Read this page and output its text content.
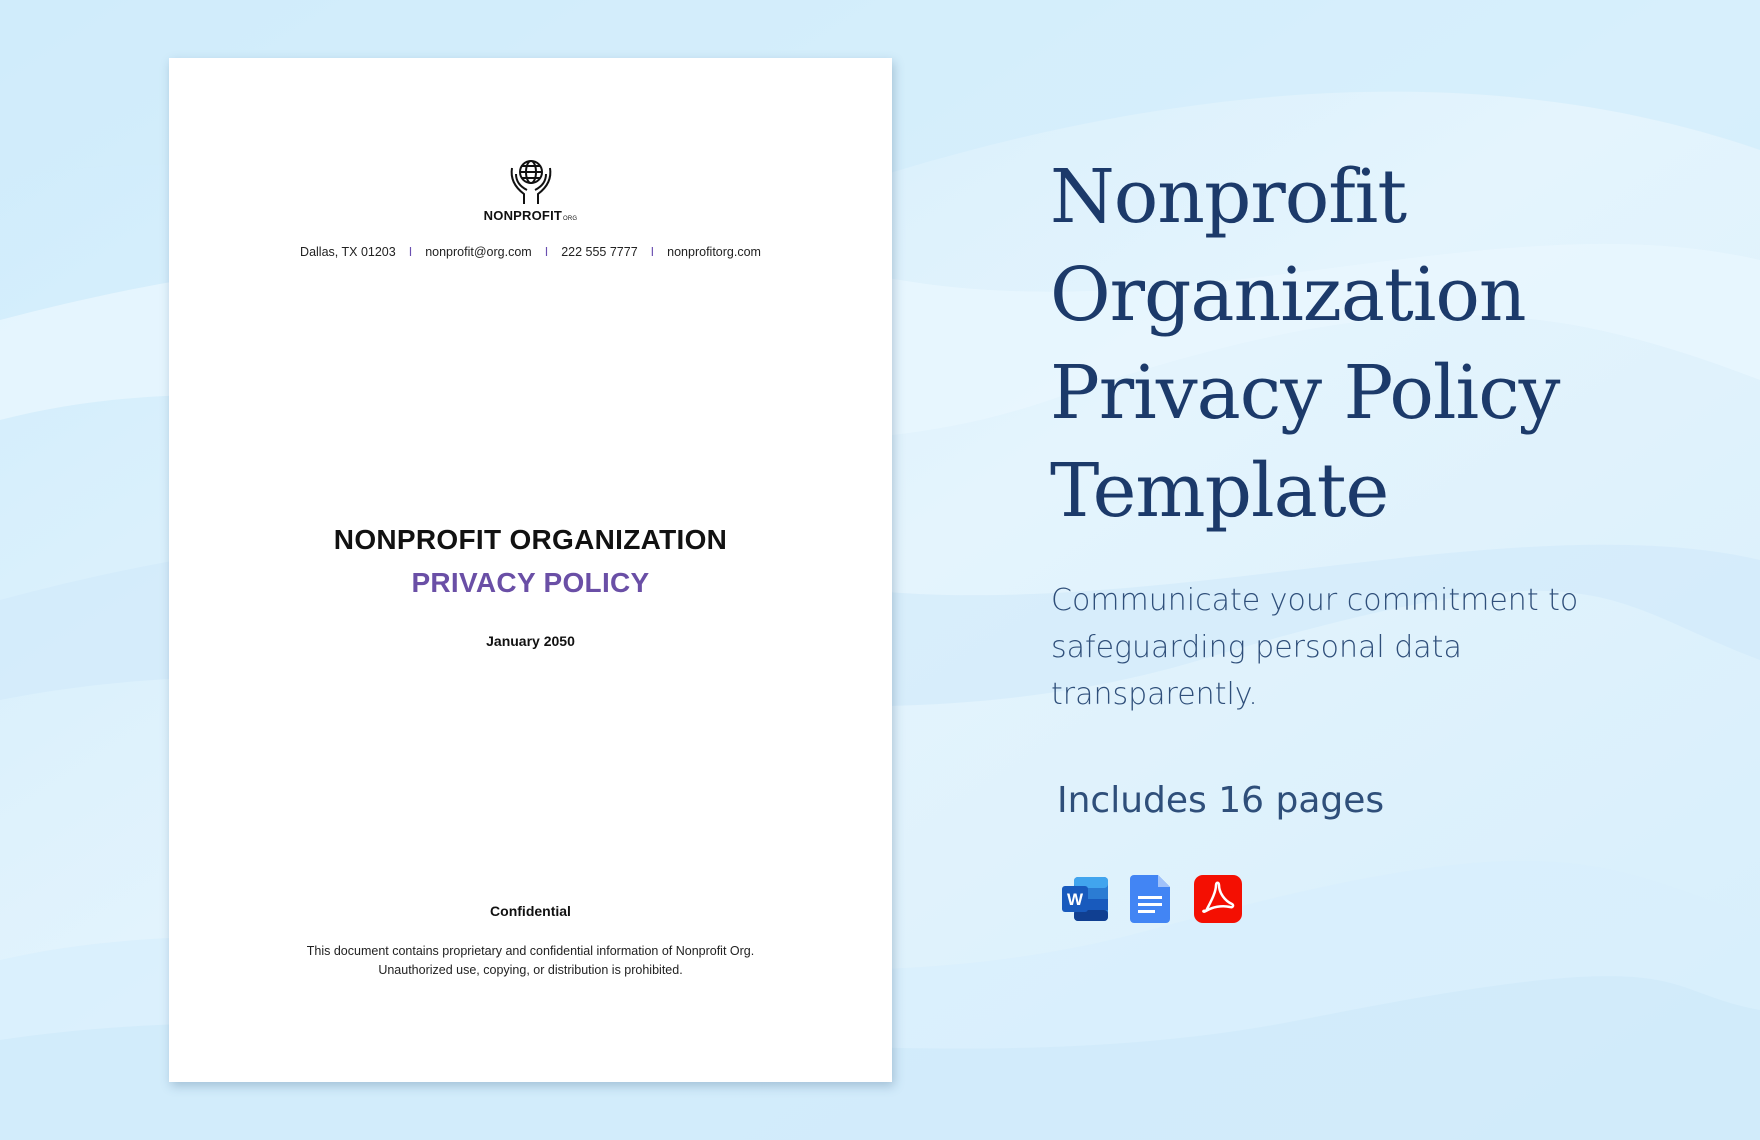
NONPROFITORG
Dallas, TX 01203 I nonprofit@org.com I 222 555 7777 I nonprofitorg.com
NONPROFIT ORGANIZATION
PRIVACY POLICY
January 2050
Confidential
This document contains proprietary and confidential information of Nonprofit Org.
Unauthorized use, copying, or distribution is prohibited.
Nonprofit
Organization
Privacy Policy
Template
Communicate your commitment to
safeguarding personal data
transparently.
Includes 16 pages
W
